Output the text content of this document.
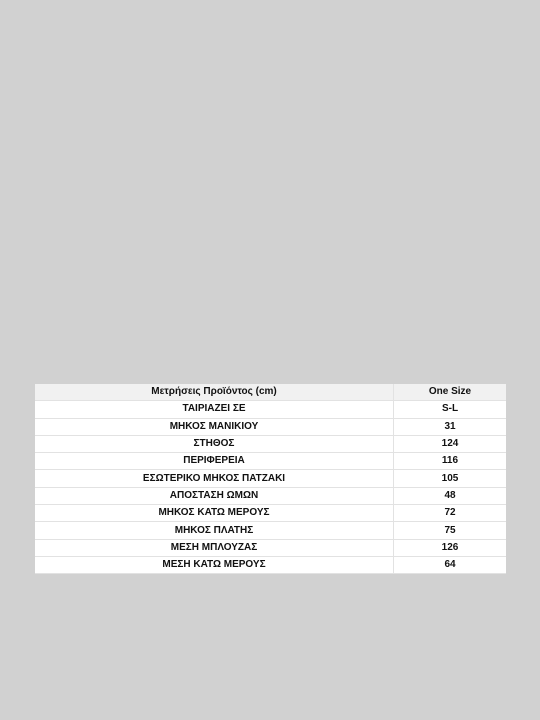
Μετρήσεις Προϊόντος (cm)	One Size
ΤΑΙΡΙΑΖΕΙ ΣΕ	S-L
ΜΗΚΟΣ ΜΑΝΙΚΙΟΥ	31
ΣΤΗΘΟΣ	124
ΠΕΡΙΦΕΡΕΙΑ	116
ΕΣΩΤΕΡΙΚΟ ΜΗΚΟΣ ΠΑΤΖΑΚΙ	105
ΑΠΟΣΤΑΣΗ ΩΜΩΝ	48
ΜΗΚΟΣ ΚΑΤΩ ΜΕΡΟΥΣ	72
ΜΗΚΟΣ ΠΛΑΤΗΣ	75
ΜΕΣΗ ΜΠΛΟΥΖΑΣ	126
ΜΕΣΗ ΚΑΤΩ ΜΕΡΟΥΣ	64
